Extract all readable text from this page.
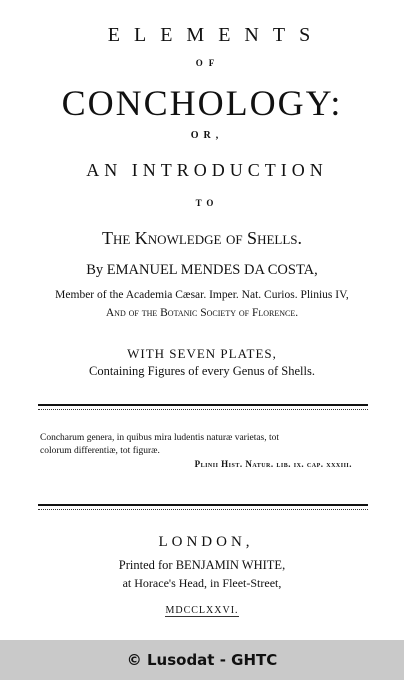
ELEMENTS
OF
CONCHOLOGY:
OR,
AN INTRODUCTION
TO
The Knowledge of Shells.
By EMANUEL MENDES DA COSTA,
Member of the Academia Cæsar. Imper. Nat. Curios. Plinius IV,
And of the Botanic Society of Florence.
WITH SEVEN PLATES,
Containing Figures of every Genus of Shells.
Concharum genera, in quibus mira ludentis naturæ varietas, tot
colorum differentiæ, tot figuræ.
Plinii Hist. Natur. lib. ix. cap. xxxiii.
LONDON,
Printed for BENJAMIN WHITE,
at Horace's Head, in Fleet-Street,
MDCCLXXVI.
© Lusodat - GHTC
